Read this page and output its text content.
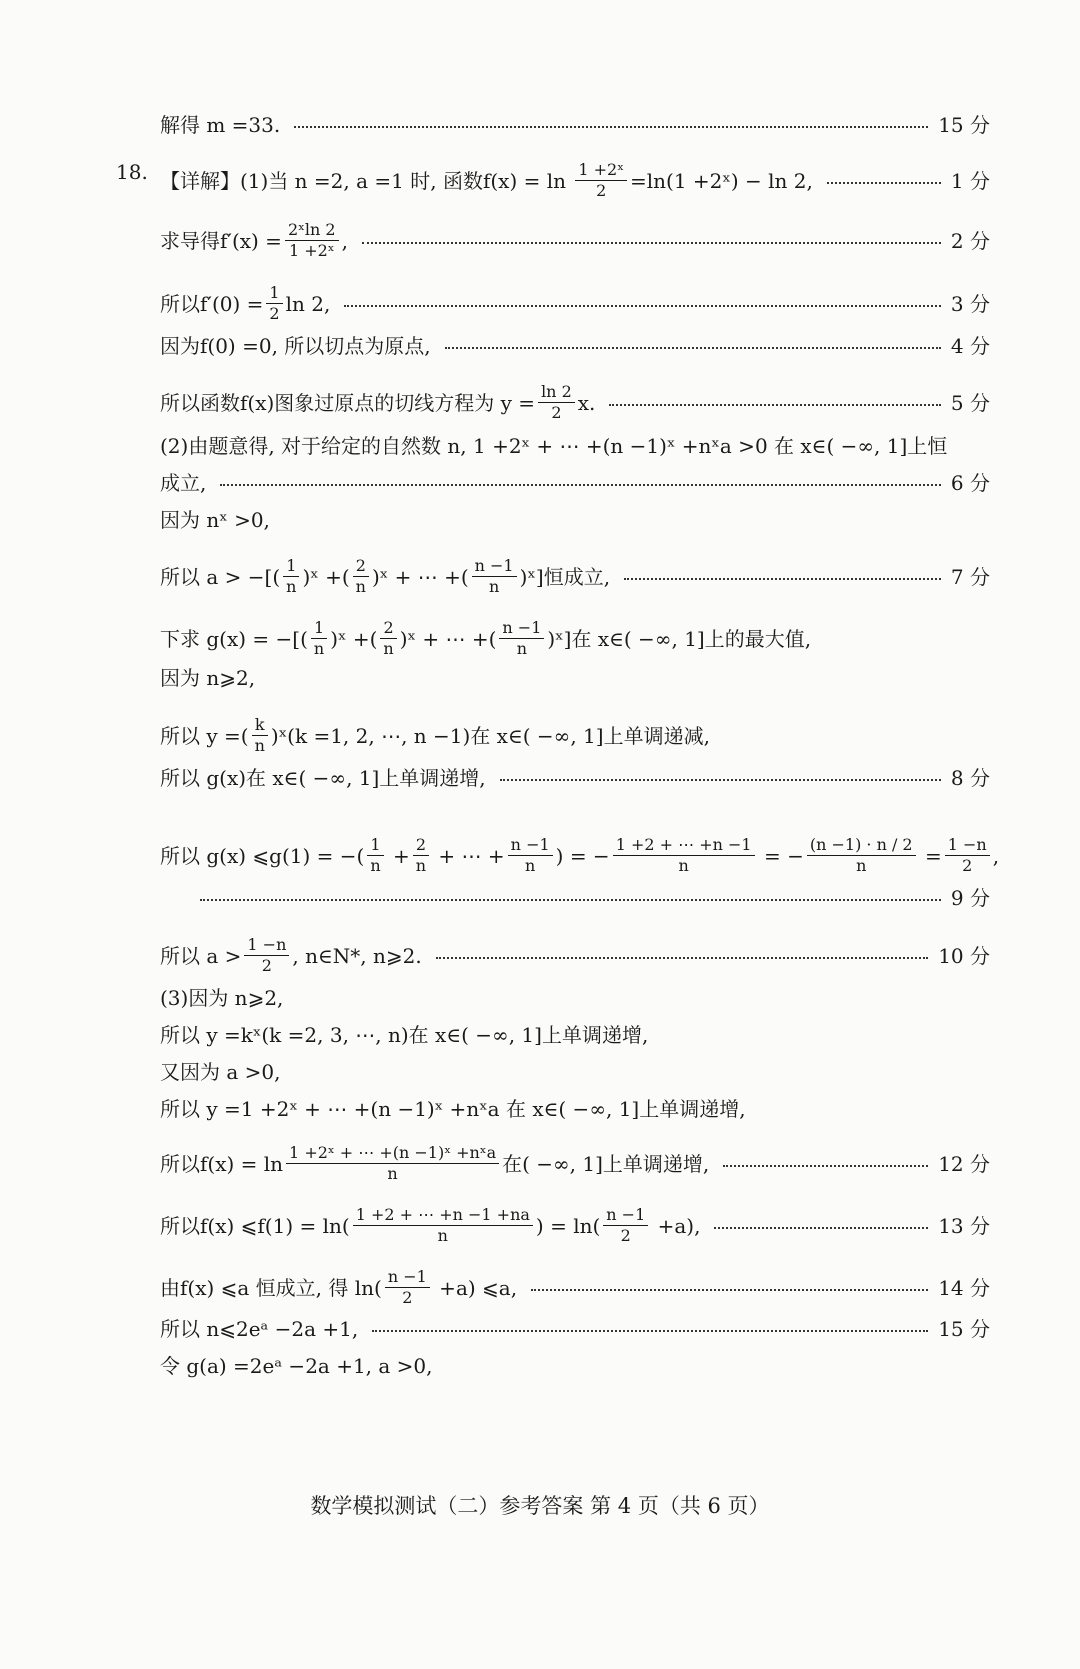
解得 m =33.	15 分
18. 【详解】(1)当 n =2, a =1 时, 函数$f(x) = \ln \frac{\text{1 +2ˣ}}{2} =\ln(1$ +2ˣ) − ln 2,	1 分
求导得$f'(x) = \frac{\text{2ˣln 2}}{\text{1 +2ˣ}}$ ,	2 分
所以$f'(0) = \frac{1}{2}$ ln 2,	3 分
因为f(0) =0, 所以切点为原点,	4 分
所以函数f(x)图象过原点的切线方程为 $y = \frac{\ln 2}{2} x$.	5 分
(2)由题意得, 对于给定的自然数 n, 1 +2ˣ + ⋯ +(n −1)ˣ +nˣa >0 在 x∈( −∞, 1]上恒
成立,	6 分
因为 nˣ >0,
所以 a > −[( $\frac{1}{n}$ )ˣ +( $\frac{2}{n}$ )ˣ + ⋯ +( $\frac{n -1}{n}$ )ˣ]恒成立,	7 分
下求 g(x) = −[( $\frac{1}{n}$ )ˣ +( $\frac{2}{n}$ )ˣ + ⋯ +( $\frac{n -1}{n}$ )ˣ]在 x∈( −∞, 1]上的最大值,
因为 n⩾2,
所以 y =( $\frac{k}{n}$ )ˣ(k =1, 2, ⋯, n −1)在 x∈( −∞, 1]上单调递减,
所以 g(x)在 x∈( −∞, 1]上单调递增,	8 分
所以 g(x) ⩽g(1) = −( $\frac{1}{n} + \frac{2}{n}$ + ⋯ + $\frac{n -1}{n}$ ) = − $\frac{1 +2 + \cdots +n -1}{n}$ = − $\frac{(n -1) \cdot n / 2}{n} = \frac{1 -n}{2}$ ,
9 分
所以 $a > \frac{1 -n}{2}$ , n∈N*, n⩾2.	10 分
(3)因为 n⩾2,
所以 y =kˣ(k =2, 3, ⋯, n)在 x∈( −∞, 1]上单调递增,
又因为 a >0,
所以 y =1 +2ˣ + ⋯ +(n −1)ˣ +nˣa 在 x∈( −∞, 1]上单调递增,
所以$f(x) = \ln \frac{\text{1 +2ˣ + ⋯ +(n −1)ˣ +nˣa}}{n}$ 在( −∞, 1]上单调递增,	12 分
所以f(x) ⩽f(1) = $\ln( \frac{1 +2 + \cdots +n -1 +na}{n}$ ) = $\ln( \frac{n -1}{2} +a)$,	13 分
由f(x) ⩽a 恒成立, 得 $\ln( \frac{n -1}{2} +a)$ ⩽a,	14 分
所以 n⩽2eᵃ −2a +1,	15 分
令 g(a) =2eᵃ −2a +1, a >0,
数学模拟测试（二）参考答案 第 4 页（共 6 页）
